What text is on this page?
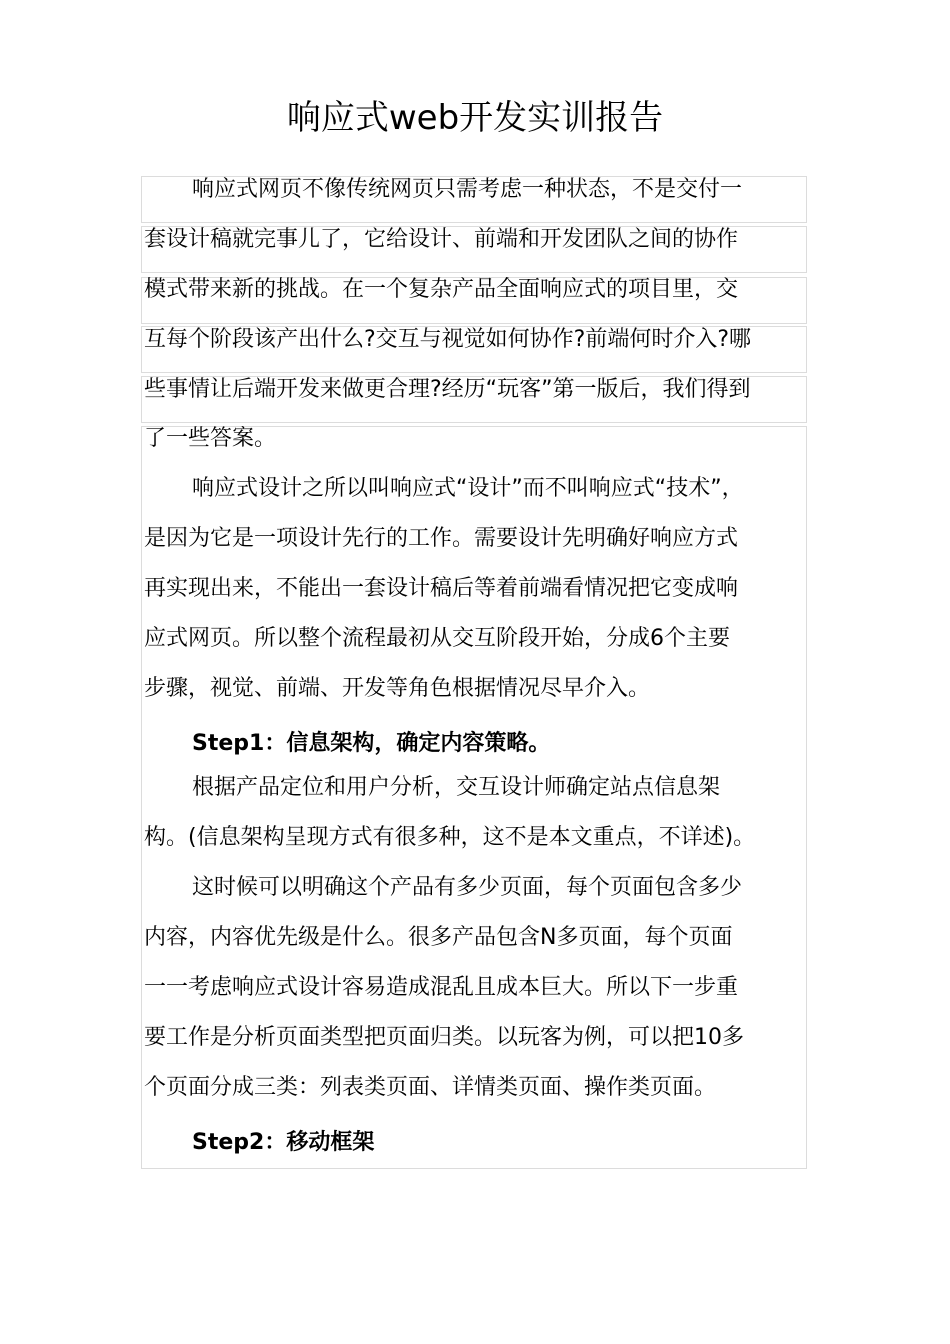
响应式web开发实训报告
响应式网页不像传统网页只需考虑一种状态，不是交付一
套设计稿就完事儿了，它给设计、前端和开发团队之间的协作
模式带来新的挑战。在一个复杂产品全面响应式的项目里，交
互每个阶段该产出什么?交互与视觉如何协作?前端何时介入?哪
些事情让后端开发来做更合理?经历“玩客”第一版后，我们得到
了一些答案。
响应式设计之所以叫响应式“设计”而不叫响应式“技术”，
是因为它是一项设计先行的工作。需要设计先明确好响应方式
再实现出来，不能出一套设计稿后等着前端看情况把它变成响
应式网页。所以整个流程最初从交互阶段开始，分成6个主要
步骤，视觉、前端、开发等角色根据情况尽早介入。
Step1：信息架构，确定内容策略。
根据产品定位和用户分析，交互设计师确定站点信息架
构。(信息架构呈现方式有很多种，这不是本文重点，不详述)。
这时候可以明确这个产品有多少页面，每个页面包含多少
内容，内容优先级是什么。很多产品包含N多页面，每个页面
一一考虑响应式设计容易造成混乱且成本巨大。所以下一步重
要工作是分析页面类型把页面归类。以玩客为例，可以把10多
个页面分成三类：列表类页面、详情类页面、操作类页面。
Step2：移动框架
